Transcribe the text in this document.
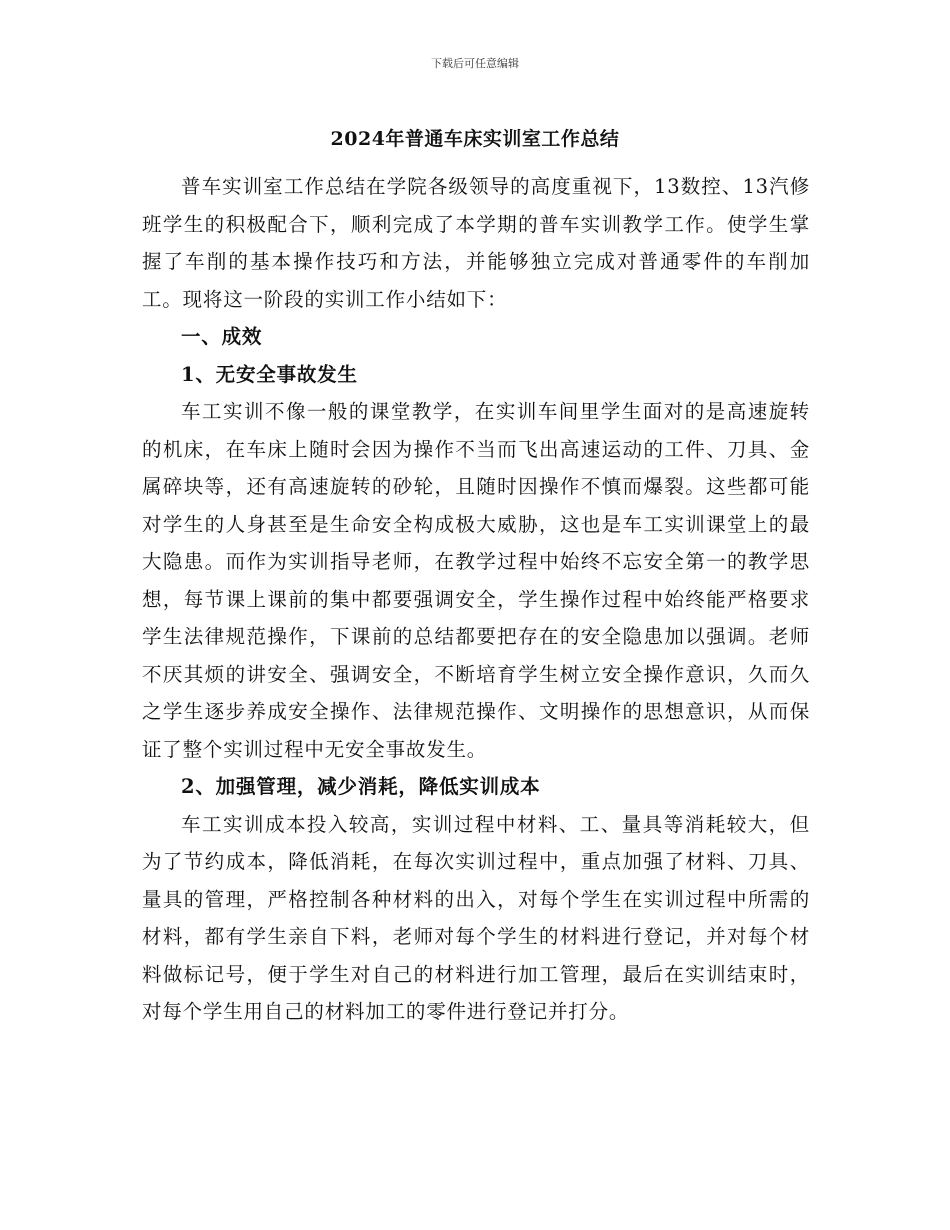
下载后可任意编辑
2024年普通车床实训室工作总结

普车实训室工作总结在学院各级领导的高度重视下，13数控、13汽修班学生的积极配合下，顺利完成了本学期的普车实训教学工作。使学生掌握了车削的基本操作技巧和方法，并能够独立完成对普通零件的车削加工。现将这一阶段的实训工作小结如下：

一、成效

1、无安全事故发生

车工实训不像一般的课堂教学，在实训车间里学生面对的是高速旋转的机床，在车床上随时会因为操作不当而飞出高速运动的工件、刀具、金属碎块等，还有高速旋转的砂轮，且随时因操作不慎而爆裂。这些都可能对学生的人身甚至是生命安全构成极大威胁，这也是车工实训课堂上的最大隐患。而作为实训指导老师，在教学过程中始终不忘安全第一的教学思想，每节课上课前的集中都要强调安全，学生操作过程中始终能严格要求学生法律规范操作，下课前的总结都要把存在的安全隐患加以强调。老师不厌其烦的讲安全、强调安全，不断培育学生树立安全操作意识，久而久之学生逐步养成安全操作、法律规范操作、文明操作的思想意识，从而保证了整个实训过程中无安全事故发生。

2、加强管理，减少消耗，降低实训成本

车工实训成本投入较高，实训过程中材料、工、量具等消耗较大，但为了节约成本，降低消耗，在每次实训过程中，重点加强了材料、刀具、量具的管理，严格控制各种材料的出入，对每个学生在实训过程中所需的材料，都有学生亲自下料，老师对每个学生的材料进行登记，并对每个材料做标记号，便于学生对自己的材料进行加工管理，最后在实训结束时，对每个学生用自己的材料加工的零件进行登记并打分。
